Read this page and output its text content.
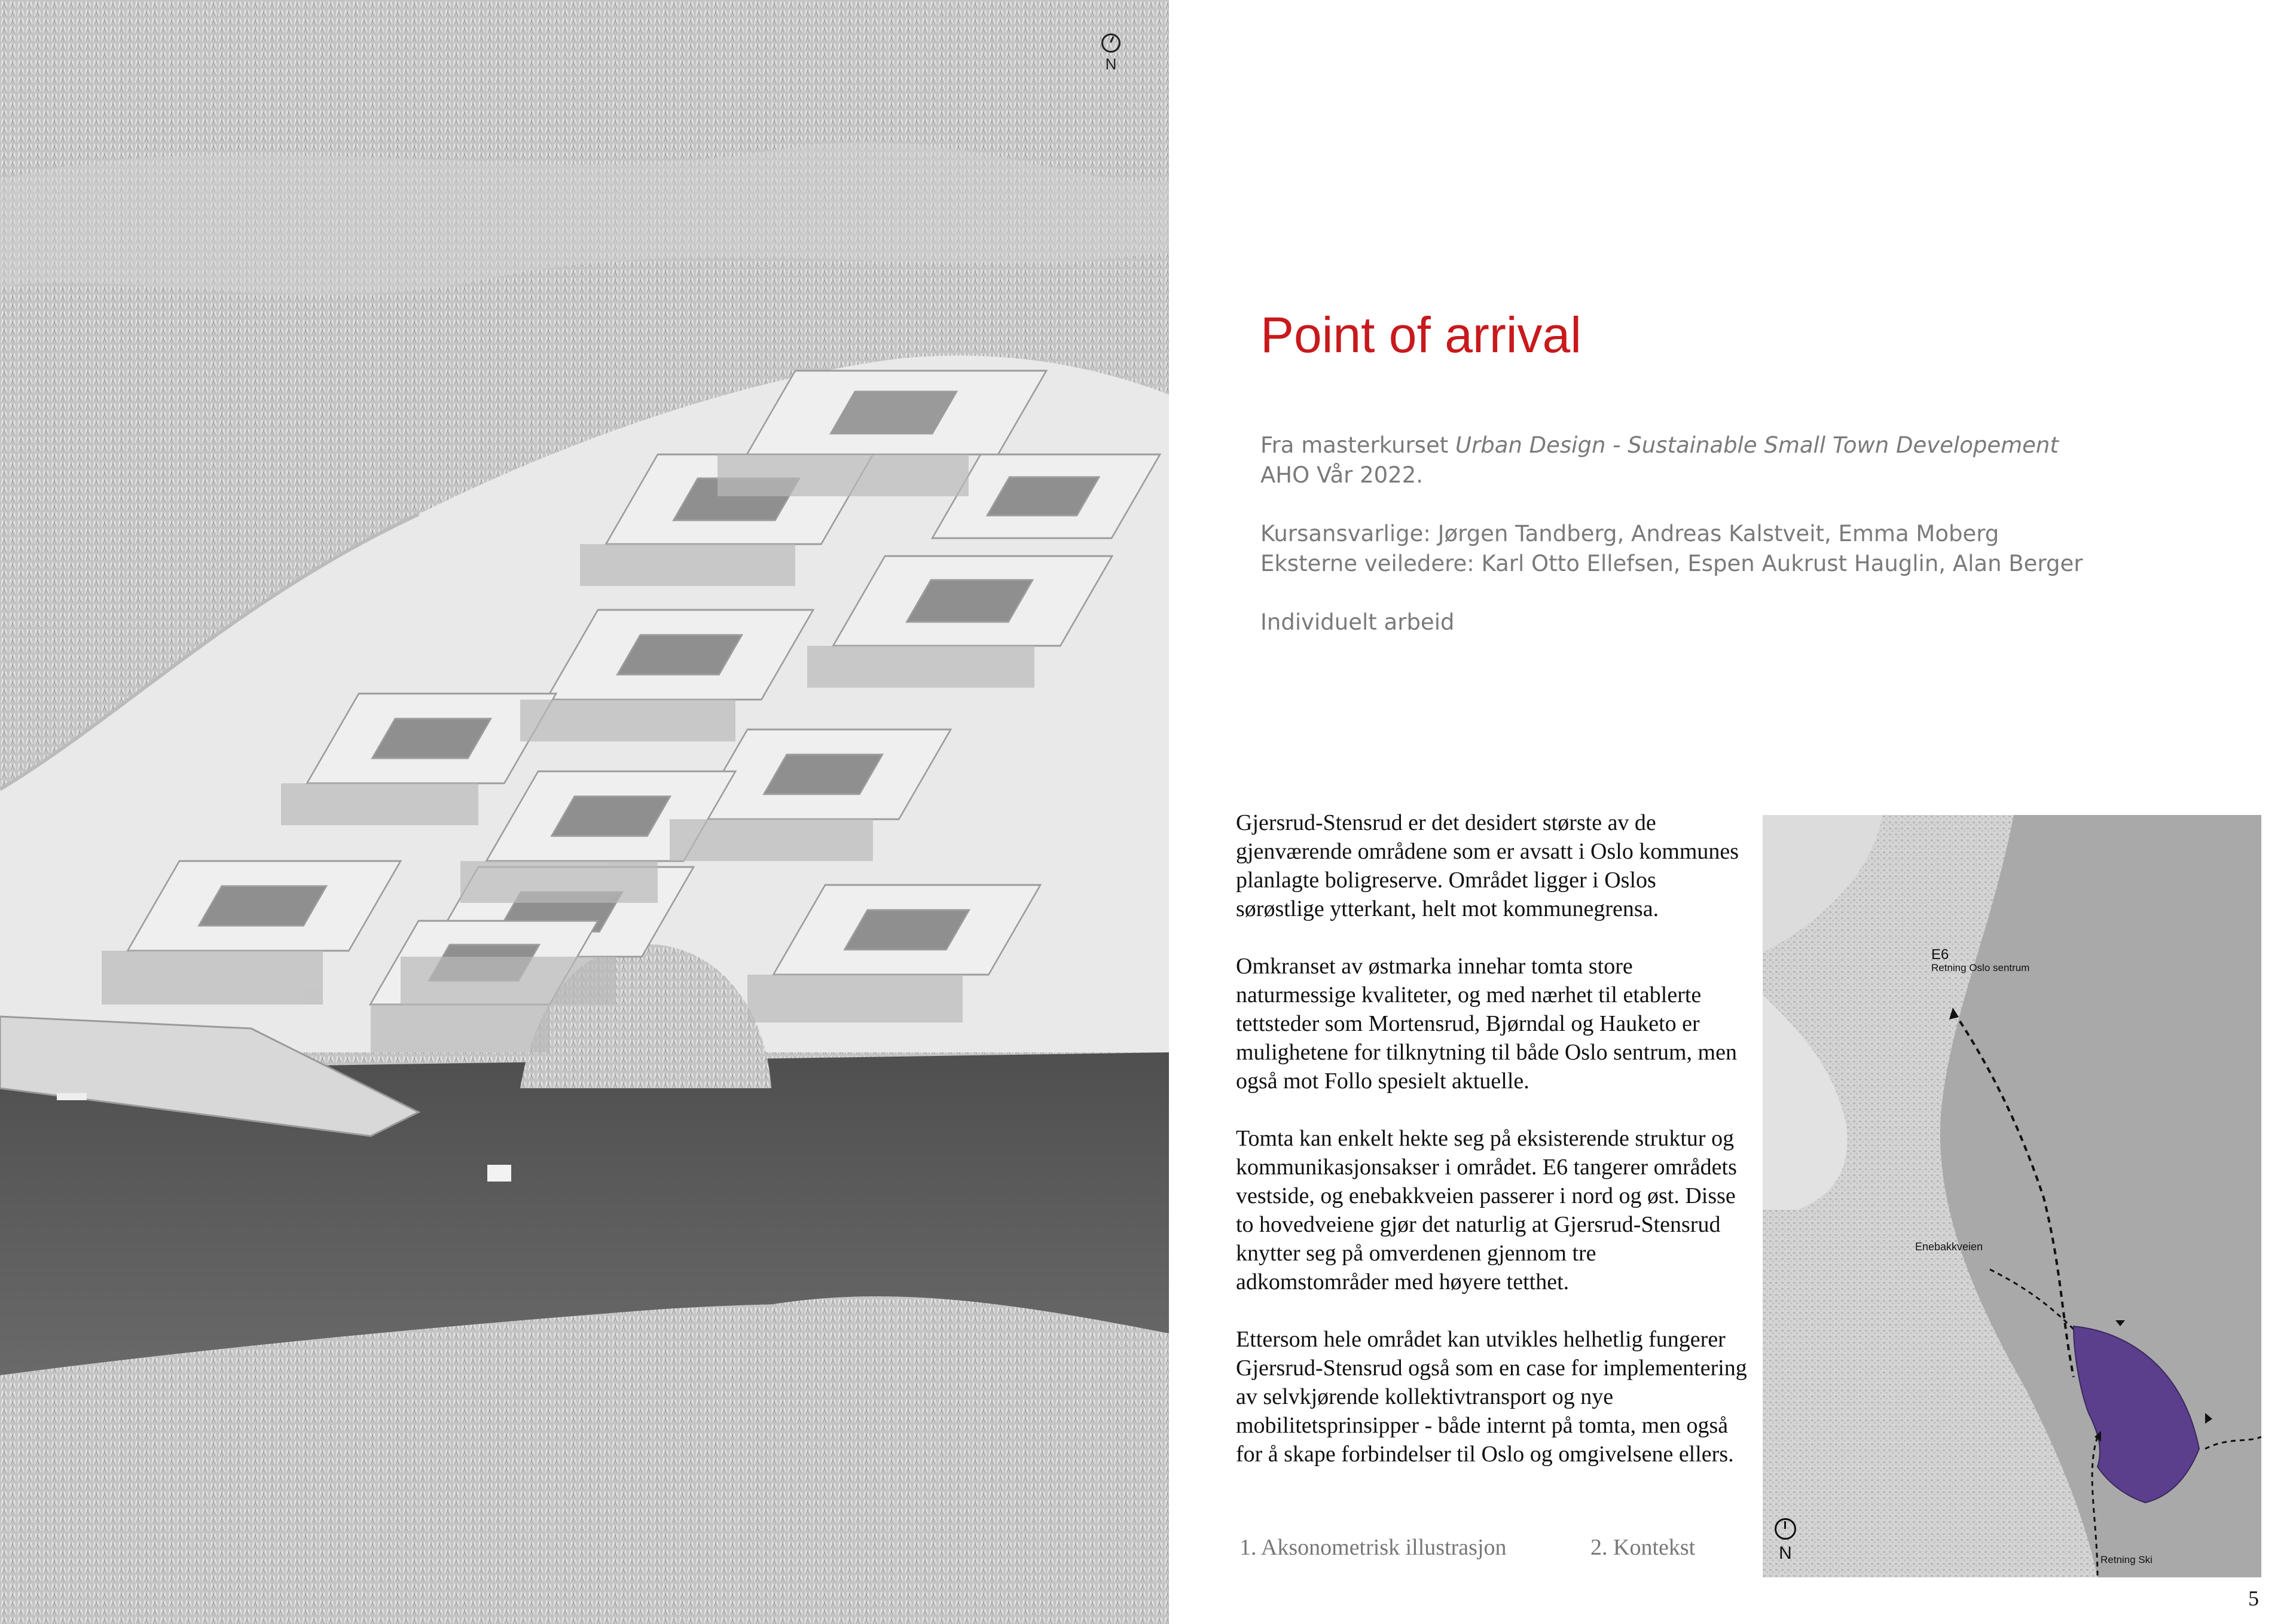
N
Point of arrival
Fra masterkurset Urban Design - Sustainable Small Town Developement
AHO Vår 2022.
Kursansvarlige: Jørgen Tandberg, Andreas Kalstveit, Emma Moberg
Eksterne veiledere: Karl Otto Ellefsen, Espen Aukrust Hauglin, Alan Berger
Individuelt arbeid

Gjersrud-Stensrud er det desidert største av de gjenværende områdene som er avsatt i Oslo kommunes planlagte boligreserve. Området ligger i Oslos sørøstlige ytterkant, helt mot kommunegrensa.

Omkranset av østmarka innehar tomta store naturmessige kvaliteter, og med nærhet til etablerte tettsteder som Mortensrud, Bjørndal og Hauketo er mulighetene for tilknytning til både Oslo sentrum, men også mot Follo spesielt aktuelle.

Tomta kan enkelt hekte seg på eksisterende struktur og kommunikasjonsakser i området. E6 tangerer områdets vestside, og enebakkveien passerer i nord og øst. Disse to hovedveiene gjør det naturlig at Gjersrud-Stensrud knytter seg på omverdenen gjennom tre adkomstområder med høyere tetthet.

Ettersom hele området kan utvikles helhetlig fungerer Gjersrud-Stensrud også som en case for implementering av selvkjørende kollektivtransport og nye mobilitetsprinsipper - både internt på tomta, men også for å skape forbindelser til Oslo og omgivelsene ellers.

1. Aksonometrisk illustrasjon	2. Kontekst
E6
Retning Oslo sentrum
Enebakkveien
Retning Ski
N
5
